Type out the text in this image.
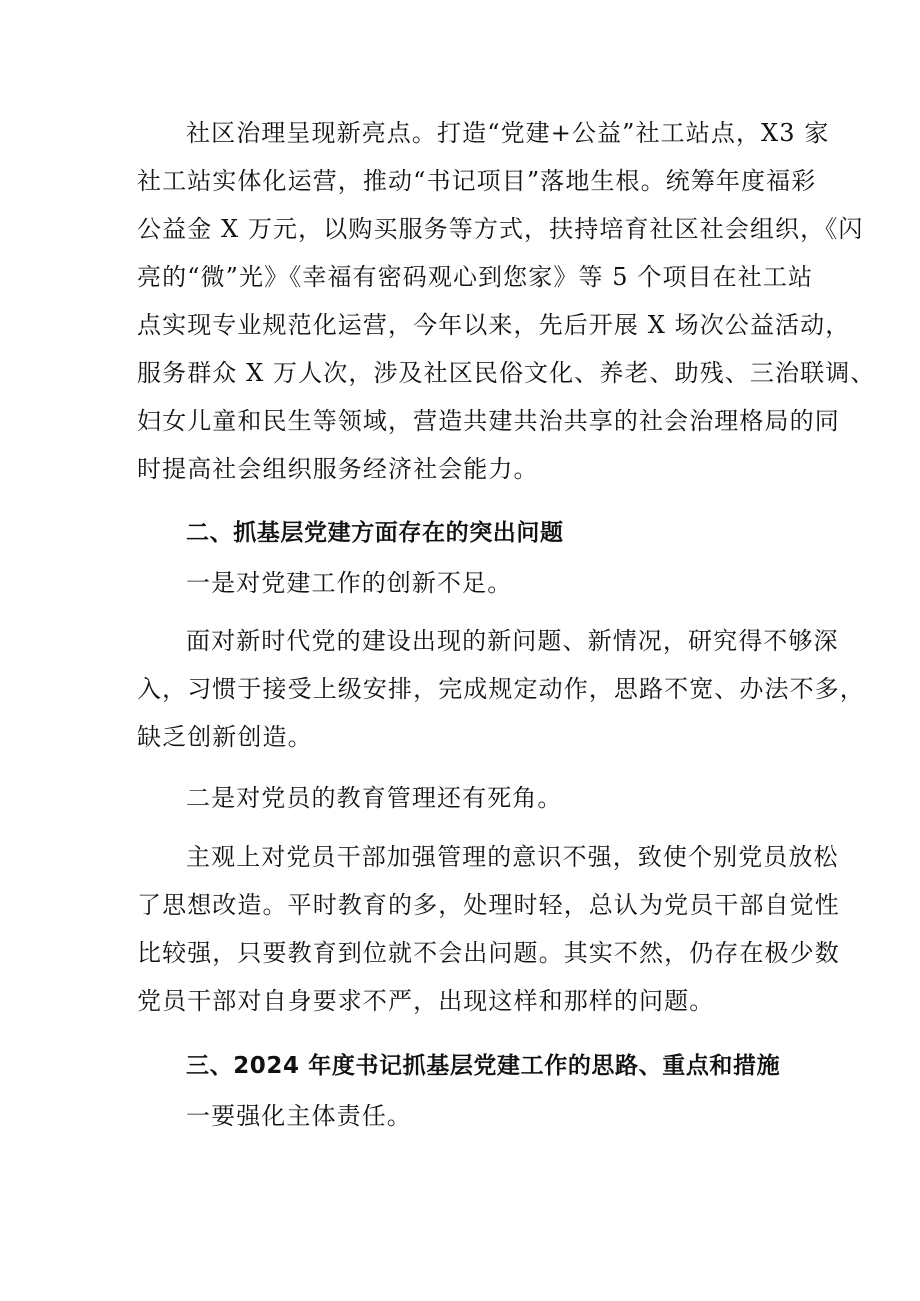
社区治理呈现新亮点。打造“党建+公益”社工站点，X3 家
社工站实体化运营，推动“书记项目”落地生根。统筹年度福彩
公益金 X 万元，以购买服务等方式，扶持培育社区社会组织，《闪
亮的“微”光》《幸福有密码观心到您家》等 5 个项目在社工站
点实现专业规范化运营，今年以来，先后开展 X 场次公益活动，
服务群众 X 万人次，涉及社区民俗文化、养老、助残、三治联调、
妇女儿童和民生等领域，营造共建共治共享的社会治理格局的同
时提高社会组织服务经济社会能力。
二、抓基层党建方面存在的突出问题
一是对党建工作的创新不足。
面对新时代党的建设出现的新问题、新情况，研究得不够深
入，习惯于接受上级安排，完成规定动作，思路不宽、办法不多，
缺乏创新创造。
二是对党员的教育管理还有死角。
主观上对党员干部加强管理的意识不强，致使个别党员放松
了思想改造。平时教育的多，处理时轻，总认为党员干部自觉性
比较强，只要教育到位就不会出问题。其实不然，仍存在极少数
党员干部对自身要求不严，出现这样和那样的问题。
三、2024 年度书记抓基层党建工作的思路、重点和措施
一要强化主体责任。
